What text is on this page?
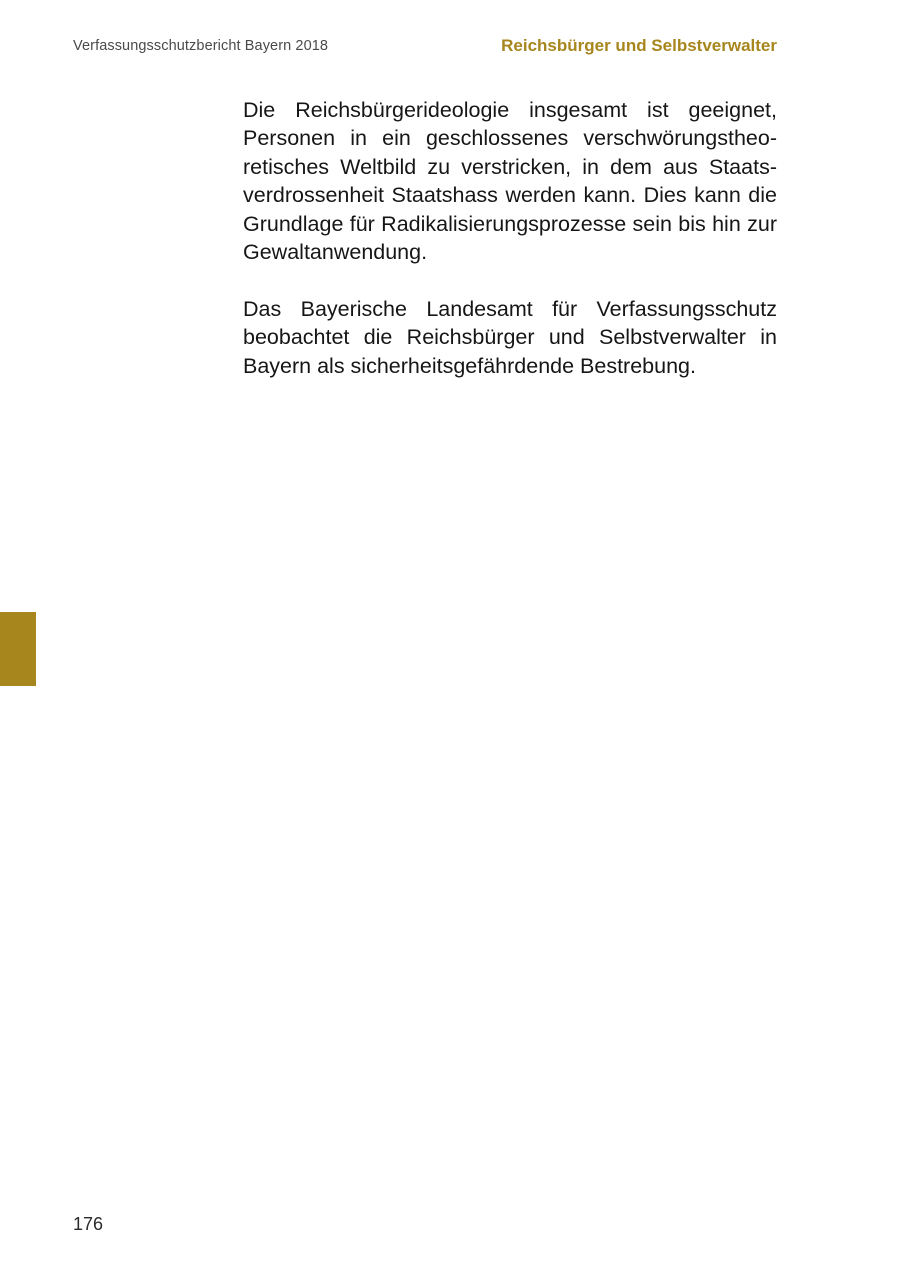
Verfassungsschutzbericht Bayern 2018	Reichsbürger und Selbstverwalter

Die Reichsbürgerideologie insgesamt ist geeignet, Personen in ein geschlossenes verschwörungstheoretisches Weltbild zu verstricken, in dem aus Staatsverdrossenheit Staatshass werden kann. Dies kann die Grundlage für Radikalisierungsprozesse sein bis hin zur Gewaltanwendung.

Das Bayerische Landesamt für Verfassungsschutz beobachtet die Reichsbürger und Selbstverwalter in Bayern als sicherheitsgefährdende Bestrebung.

176
